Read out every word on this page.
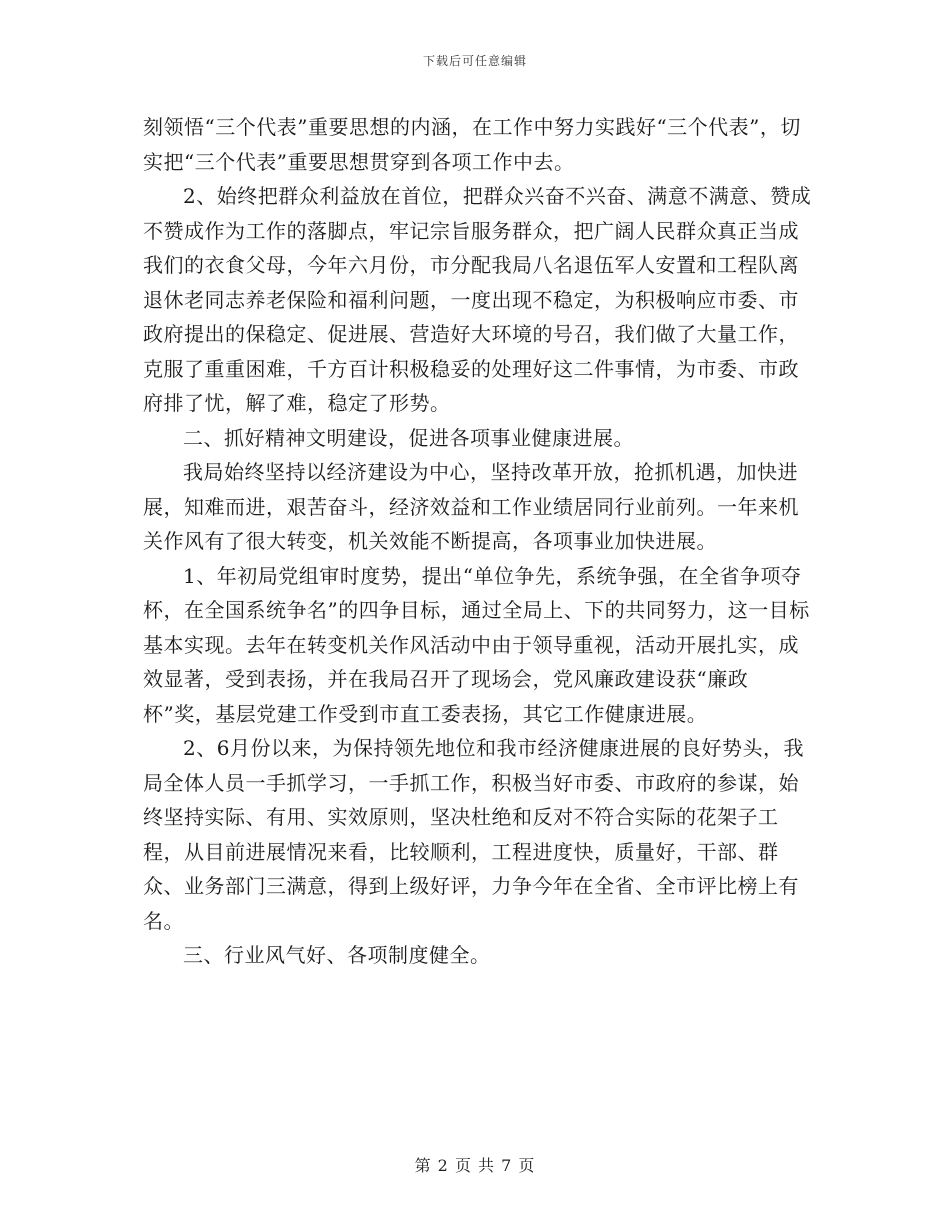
下载后可任意编辑

刻领悟“三个代表”重要思想的内涵，在工作中努力实践好“三个代表”，切实把“三个代表”重要思想贯穿到各项工作中去。

2、始终把群众利益放在首位，把群众兴奋不兴奋、满意不满意、赞成不赞成作为工作的落脚点，牢记宗旨服务群众，把广阔人民群众真正当成我们的衣食父母，今年六月份，市分配我局八名退伍军人安置和工程队离退休老同志养老保险和福利问题，一度出现不稳定，为积极响应市委、市政府提出的保稳定、促进展、营造好大环境的号召，我们做了大量工作，克服了重重困难，千方百计积极稳妥的处理好这二件事情，为市委、市政府排了忧，解了难，稳定了形势。

二、抓好精神文明建设，促进各项事业健康进展。

我局始终坚持以经济建设为中心，坚持改革开放，抢抓机遇，加快进展，知难而进，艰苦奋斗，经济效益和工作业绩居同行业前列。一年来机关作风有了很大转变，机关效能不断提高，各项事业加快进展。

1、年初局党组审时度势，提出“单位争先，系统争强，在全省争项夺杯，在全国系统争名”的四争目标，通过全局上、下的共同努力，这一目标基本实现。去年在转变机关作风活动中由于领导重视，活动开展扎实，成效显著，受到表扬，并在我局召开了现场会，党风廉政建设获“廉政杯”奖，基层党建工作受到市直工委表扬，其它工作健康进展。

2、6月份以来，为保持领先地位和我市经济健康进展的良好势头，我局全体人员一手抓学习，一手抓工作，积极当好市委、市政府的参谋，始终坚持实际、有用、实效原则，坚决杜绝和反对不符合实际的花架子工程，从目前进展情况来看，比较顺利，工程进度快，质量好，干部、群众、业务部门三满意，得到上级好评，力争今年在全省、全市评比榜上有名。

三、行业风气好、各项制度健全。

第 2 页 共 7 页
